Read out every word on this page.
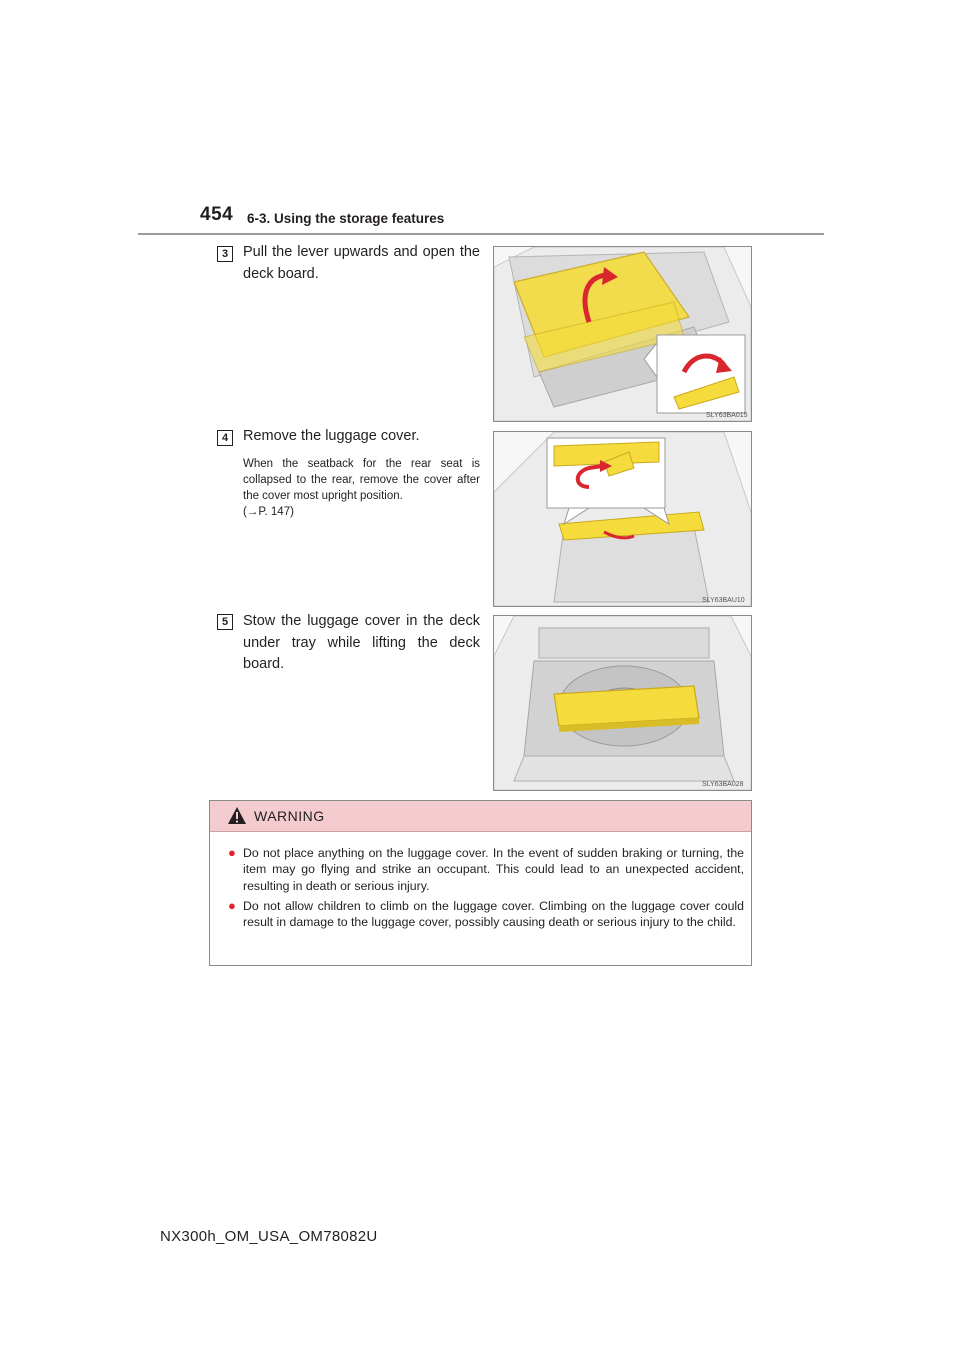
454 6-3. Using the storage features
3	Pull the lever upwards and open the deck board.
SLY63BA015
4	Remove the luggage cover.
When the seatback for the rear seat is collapsed to the rear, remove the cover after the cover most upright position.
(→P. 147)
SLY63BAU10
5	Stow the luggage cover in the deck under tray while lifting the deck board.
SLY63BA028
WARNING
● Do not place anything on the luggage cover. In the event of sudden braking or turning, the item may go flying and strike an occupant. This could lead to an unexpected accident, resulting in death or serious injury.
● Do not allow children to climb on the luggage cover. Climbing on the luggage cover could result in damage to the luggage cover, possibly causing death or serious injury to the child.
NX300h_OM_USA_OM78082U
